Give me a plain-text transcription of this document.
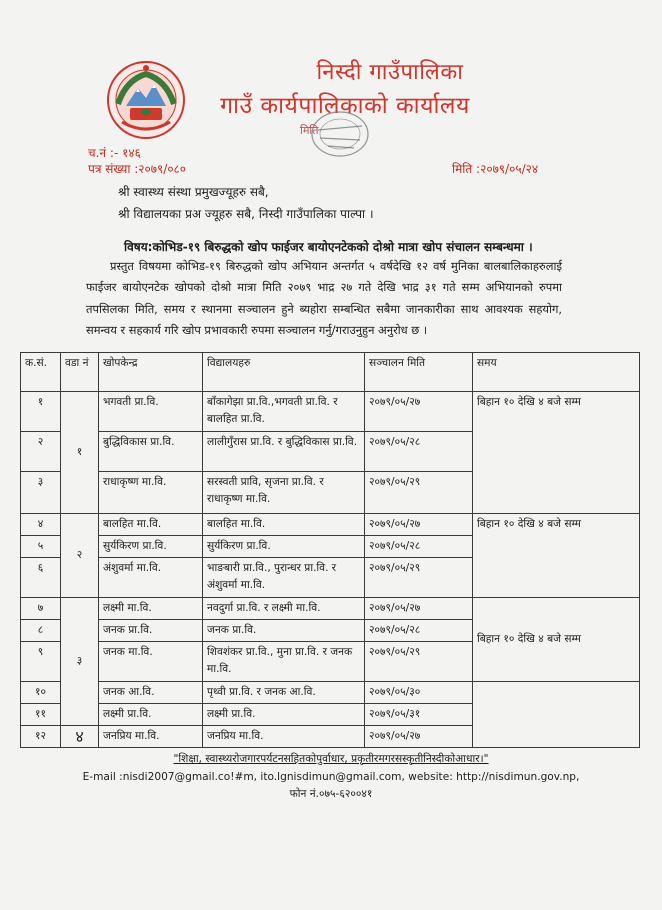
निस्दी गाउँपालिका
गाउँ कार्यपालिकाको कार्यालय
मिति
च.नं :- १४६
पत्र संख्या :२०७९/०८०	मिति :२०७९/०५/२४
श्री स्वास्थ्य संस्था प्रमुखज्यूहरु सबै,
श्री विद्यालयका प्रअ ज्यूहरु सबै, निस्दी गाउँपालिका पाल्पा ।
विषय:कोभिड-१९ बिरुद्धको खोप फाईजर बायोएनटेकको दोश्रो मात्रा खोप संचालन सम्बन्धमा ।
प्रस्तुत विषयमा कोभिड-१९ बिरुद्धको खोप अभियान अन्तर्गत ५ वर्षदेखि १२ वर्ष मुनिका बालबालिकाहरुलाई फाईजर बायोएनटेक खोपको दोश्रो मात्रा मिति २०७९ भाद्र २७ गते देखि भाद्र ३१ गते सम्म अभियानको रुपमा तपसिलका मिति, समय र स्थानमा सञ्चालन हुने ब्यहोरा सम्बन्धित सबैमा जानकारीका साथ आवश्यक सहयोग, समन्वय र सहकार्य गरि खोप प्रभावकारी रुपमा सञ्चालन गर्नु/गराउनुहुन अनुरोध छ ।
क.सं.	वडा नं	खोपकेन्द्र	विद्यालयहरु	सञ्चालन मिति	समय
१	१	भगवती प्रा.वि.	बाँकागेझा प्रा.वि.,भगवती प्रा.वि. र बालहित प्रा.वि.	२०७९/०५/२७	बिहान १० देखि ४ बजे सम्म
२		बुद्धिविकास प्रा.वि.	लालीगुँरास प्रा.वि. र बुद्धिविकास प्रा.वि.	२०७९/०५/२८	
३		राधाकृष्ण मा.वि.	सरस्वती प्रावि, सृजना प्रा.वि. र राधाकृष्ण मा.वि.	२०७९/०५/२९	
४	२	बालहित मा.वि.	बालहित मा.वि.	२०७९/०५/२७	बिहान १० देखि ४ बजे सम्म
५		सुर्यकिरण प्रा.वि.	सुर्यकिरण प्रा.वि.	२०७९/०५/२८	
६		अंशुवर्मा मा.वि.	भाङबारी प्रा.वि., पुरान्धर प्रा.वि. र अंशुवर्मा मा.वि.	२०७९/०५/२९	
७	३	लक्ष्मी मा.वि.	नवदुर्गा प्रा.वि. र लक्ष्मी मा.वि.	२०७९/०५/२७	बिहान १० देखि ४ बजे सम्म
८		जनक प्रा.वि.	जनक प्रा.वि.	२०७९/०५/२८	
९		जनक मा.वि.	शिवशंकर प्रा.वि., मुना प्रा.वि. र जनक मा.वि.	२०७९/०५/२९	
१०		जनक आ.वि.	पृथ्वी प्रा.वि. र जनक आ.वि.	२०७९/०५/३०	
११		लक्ष्मी प्रा.वि.	लक्ष्मी प्रा.वि.	२०७९/०५/३१	
१२	४	जनप्रिय मा.वि.	जनप्रिय मा.वि.	२०७९/०५/२७	
"शिक्षा, स्वास्थ्यरोजगारपर्यटनसहितकोपुर्वाधार, प्रकृतीरमगरसस्कृतीनिस्दीकोआधार।"
E-mail :nisdi2007@gmail.co!#m, ito.lgnisdimun@gmail.com, website: http://nisdimun.gov.np,
फोन नं.०७५-६२००४१
